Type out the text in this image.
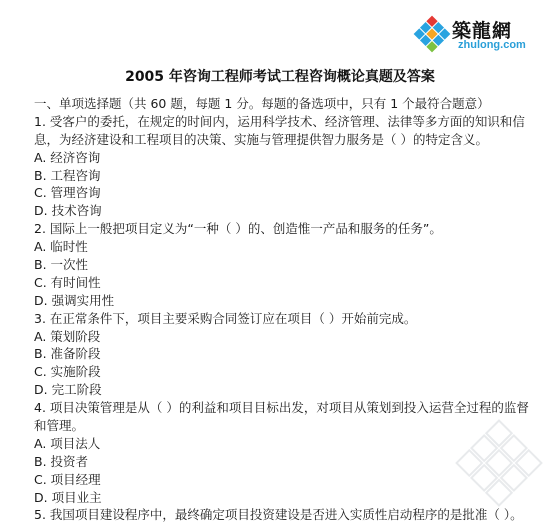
築龍網
zhulong.com
2005 年咨询工程师考试工程咨询概论真题及答案
一、单项选择题（共 60 题，每题 1 分。每题的备选项中，只有 1 个最符合题意）
1. 受客户的委托，在规定的时间内，运用科学技术、经济管理、法律等多方面的知识和信
息，为经济建设和工程项目的决策、实施与管理提供智力服务是（ ）的特定含义。
A. 经济咨询
B. 工程咨询
C. 管理咨询
D. 技术咨询
2. 国际上一般把项目定义为“一种（ ）的、创造惟一产品和服务的任务”。
A. 临时性
B. 一次性
C. 有时间性
D. 强调实用性
3. 在正常条件下，项目主要采购合同签订应在项目（ ）开始前完成。
A. 策划阶段
B. 准备阶段
C. 实施阶段
D. 完工阶段
4. 项目决策管理是从（ ）的利益和项目目标出发，对项目从策划到投入运营全过程的监督
和管理。
A. 项目法人
B. 投资者
C. 项目经理
D. 项目业主
5. 我国项目建设程序中，最终确定项目投资建设是否进入实质性启动程序的是批准（ ）。
